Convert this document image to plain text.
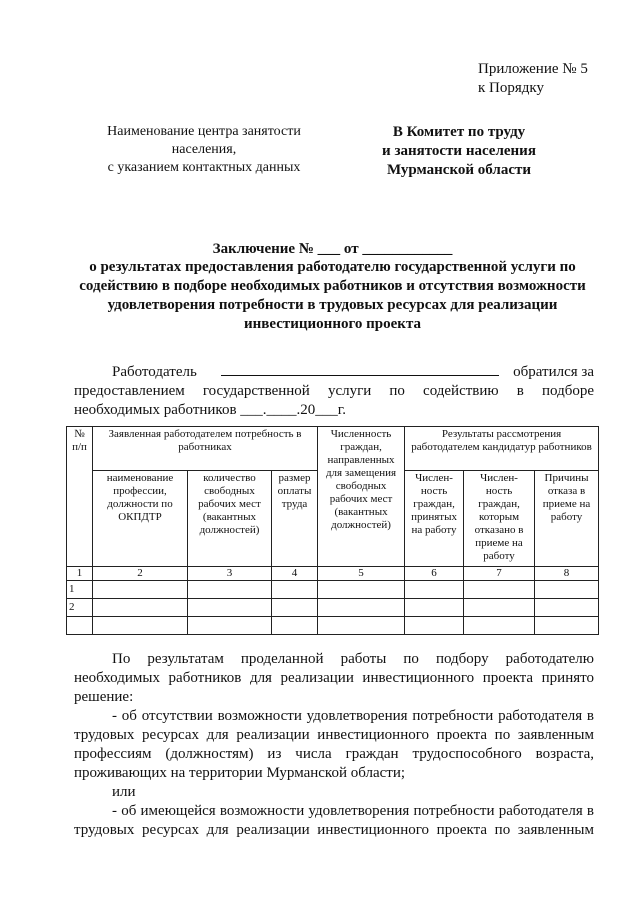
Приложение № 5
к Порядку
Наименование центра занятости
населения,
с указанием контактных данных
В Комитет по труду
и занятости населения
Мурманской области
Заключение № ___ от ____________
о результатах предоставления работодателю государственной услуги по
содействию в подборе необходимых работников и отсутствия возможности
удовлетворения потребности в трудовых ресурсах для реализации
инвестиционного проекта
Работодатель	обратился за
предоставлением государственной услуги по содействию в подборе
необходимых работников ___.____.20___г.
№ п/п	Заявленная работодателем потребность в работниках			Численность граждан, направленных для замещения свободных рабочих мест (вакантных должностей)	Результаты рассмотрения работодателем кандидатур работников		
	наименование профессии, должности по ОКПДТР	количество свободных рабочих мест (вакантных должностей)	размер оплаты труда		Числен- ность граждан, принятых на работу	Числен- ность граждан, которым отказано в приеме на работу	Причины отказа в приеме на работу
1	2	3	4	5	6	7	8
1							
2							

По результатам проделанной работы по подбору работодателю необходимых работников для реализации инвестиционного проекта принято решение:

- об отсутствии возможности удовлетворения потребности работодателя в трудовых ресурсах для реализации инвестиционного проекта по заявленным профессиям (должностям) из числа граждан трудоспособного возраста, проживающих на территории Мурманской области;

или

- об имеющейся возможности удовлетворения потребности работодателя в трудовых ресурсах для реализации инвестиционного проекта по заявленным
